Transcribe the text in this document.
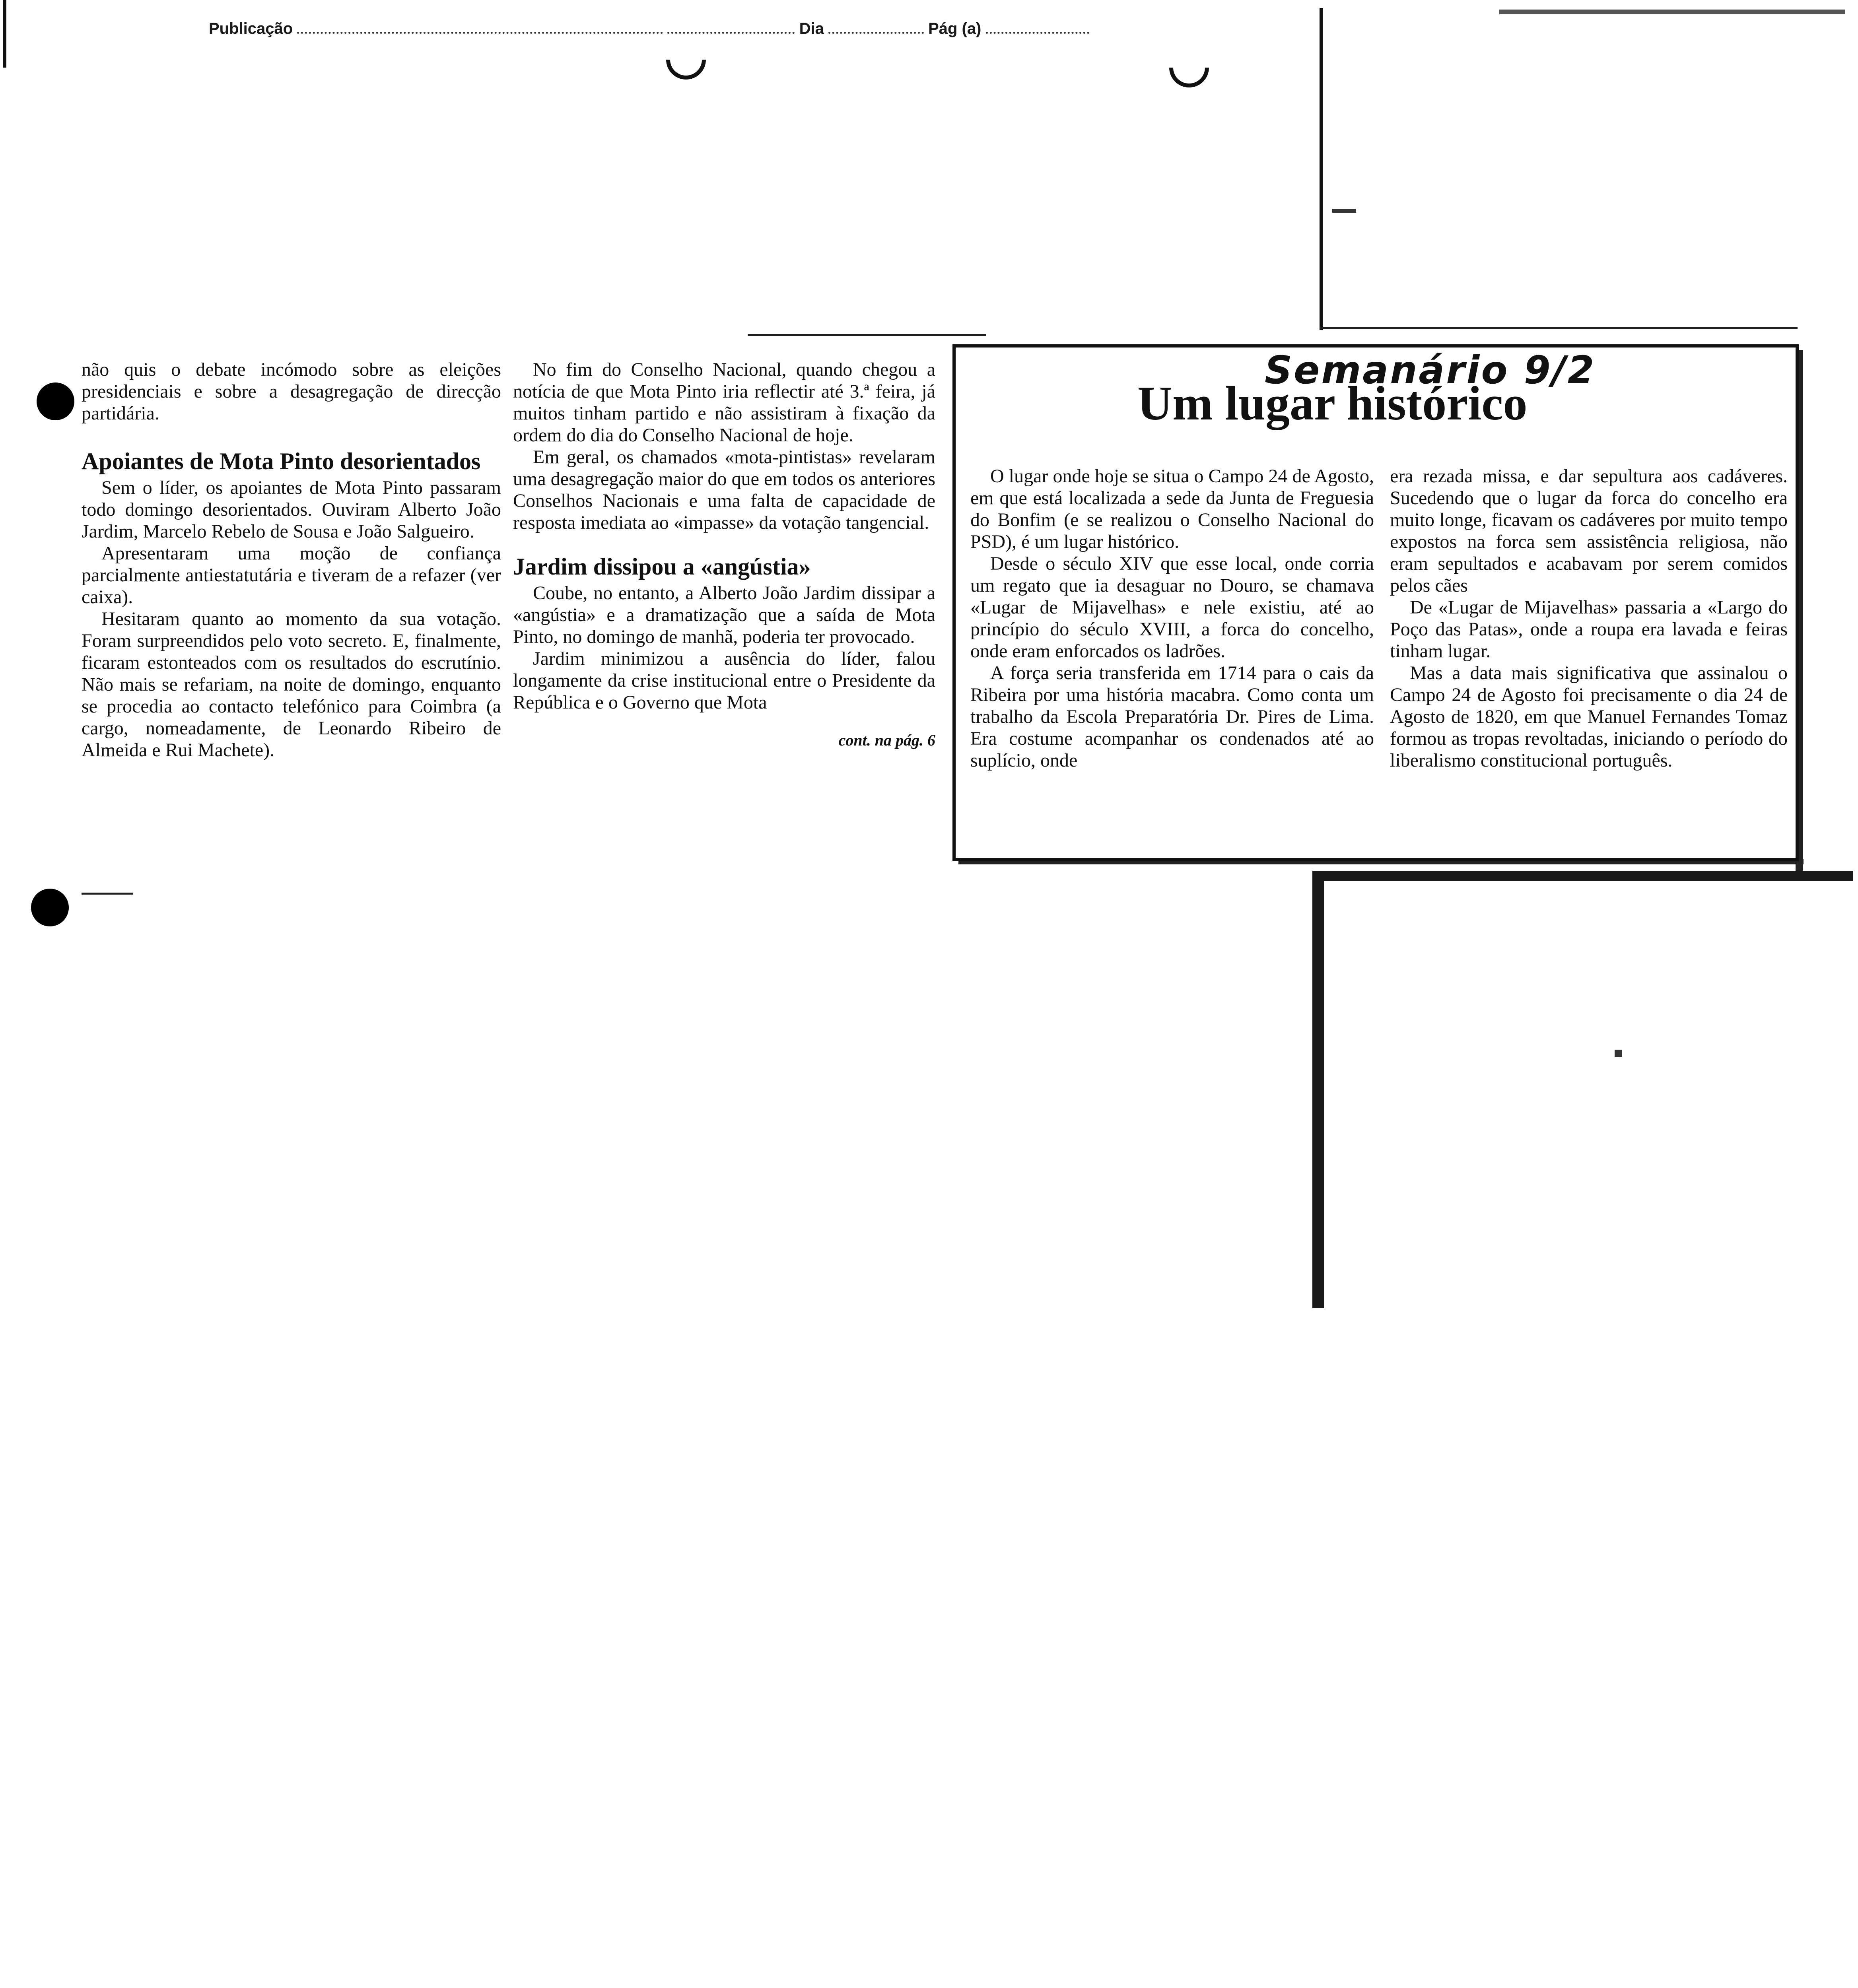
Publicação	Dia	Pág (a)

não quis o debate incómodo sobre as eleições presidenciais e sobre a desagregação de direcção partidária.

Apoiantes de Mota Pinto desorientados

Sem o líder, os apoiantes de Mota Pinto passaram todo domingo desorientados. Ouviram Alberto João Jardim, Marcelo Rebelo de Sousa e João Salgueiro.

Apresentaram uma moção de confiança parcialmente antiestatutária e tiveram de a refazer (ver caixa).

Hesitaram quanto ao momento da sua votação. Foram surpreendidos pelo voto secreto. E, finalmente, ficaram estonteados com os resultados do escrutínio. Não mais se refariam, na noite de domingo, enquanto se procedia ao contacto telefónico para Coimbra (a cargo, nomeadamente, de Leonardo Ribeiro de Almeida e Rui Machete).

No fim do Conselho Nacional, quando chegou a notícia de que Mota Pinto iria reflectir até 3.ª feira, já muitos tinham partido e não assistiram à fixação da ordem do dia do Conselho Nacional de hoje.

Em geral, os chamados «mota-pintistas» revelaram uma desagregação maior do que em todos os anteriores Conselhos Nacionais e uma falta de capacidade de resposta imediata ao «impasse» da votação tangencial.

Jardim dissipou a «angústia»

Coube, no entanto, a Alberto João Jardim dissipar a «angústia» e a dramatização que a saída de Mota Pinto, no domingo de manhã, poderia ter provocado.

Jardim minimizou a ausência do líder, falou longamente da crise institucional entre o Presidente da República e o Governo que Mota

cont. na pág. 6
Semanário 9/2
Um lugar histórico

O lugar onde hoje se situa o Campo 24 de Agosto, em que está localizada a sede da Junta de Freguesia do Bonfim (e se realizou o Conselho Nacional do PSD), é um lugar histórico.

Desde o século XIV que esse local, onde corria um regato que ia desaguar no Douro, se chamava «Lugar de Mijavelhas» e nele existiu, até ao princípio do século XVIII, a forca do concelho, onde eram enforcados os ladrões.

A força seria transferida em 1714 para o cais da Ribeira por uma história macabra. Como conta um trabalho da Escola Preparatória Dr. Pires de Lima. Era costume acompanhar os condenados até ao suplício, onde

era rezada missa, e dar sepultura aos cadáveres. Sucedendo que o lugar da forca do concelho era muito longe, ficavam os cadáveres por muito tempo expostos na forca sem assistência religiosa, não eram sepultados e acabavam por serem comidos pelos cães

De «Lugar de Mijavelhas» passaria a «Largo do Poço das Patas», onde a roupa era lavada e feiras tinham lugar.

Mas a data mais significativa que assinalou o Campo 24 de Agosto foi precisamente o dia 24 de Agosto de 1820, em que Manuel Fernandes Tomaz formou as tropas revoltadas, iniciando o período do liberalismo constitucional português.
